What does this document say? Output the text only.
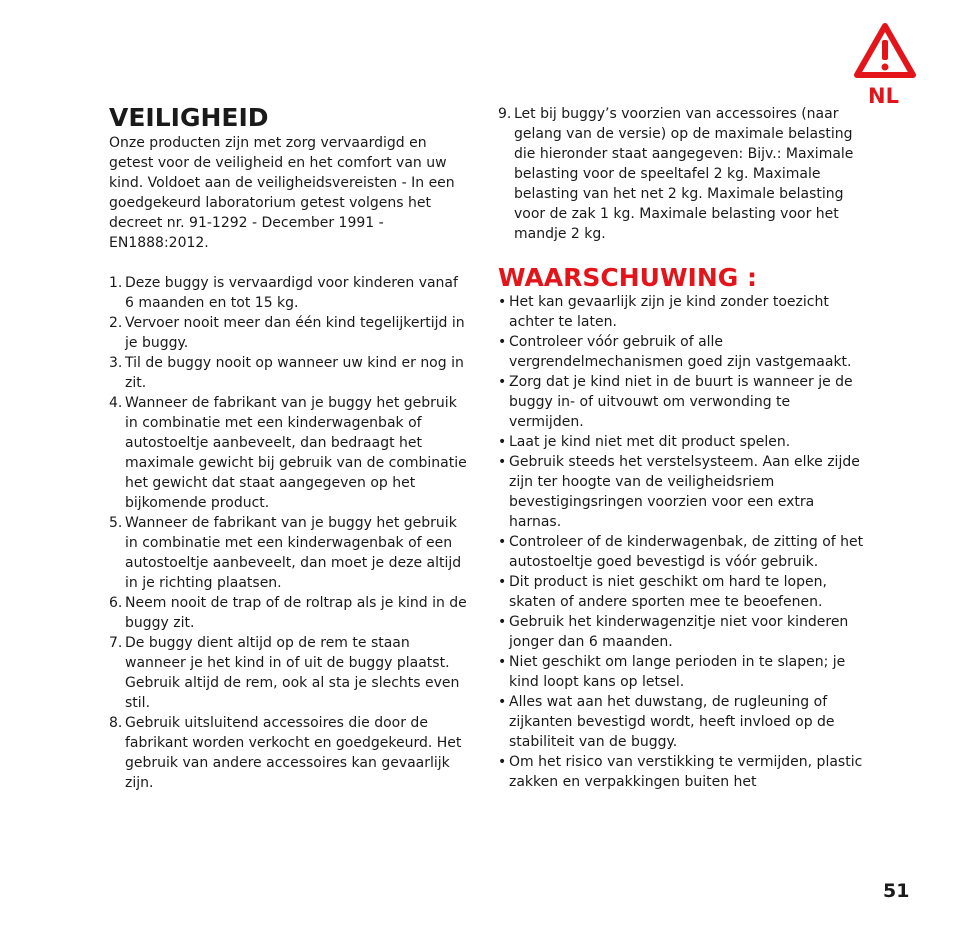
NL
VEILIGHEID

Onze producten zijn met zorg vervaardigd en getest voor de veiligheid en het comfort van uw kind. Voldoet aan de veiligheidsvereisten - In een goedgekeurd laboratorium getest volgens het decreet nr. 91-1292 - December 1991 - EN1888:2012.

1. Deze buggy is vervaardigd voor kinderen vanaf 6 maanden en tot 15 kg.
2. Vervoer nooit meer dan één kind tegelijkertijd in je buggy.
3. Til de buggy nooit op wanneer uw kind er nog in zit.
4. Wanneer de fabrikant van je buggy het gebruik in combinatie met een kinderwagenbak of autostoeltje aanbeveelt, dan bedraagt het maximale gewicht bij gebruik van de combinatie het gewicht dat staat aangegeven op het bijkomende product.
5. Wanneer de fabrikant van je buggy het gebruik in combinatie met een kinderwagenbak of een autostoeltje aanbeveelt, dan moet je deze altijd in je richting plaatsen.
6. Neem nooit de trap of de roltrap als je kind in de buggy zit.
7. De buggy dient altijd op de rem te staan wanneer je het kind in of uit de buggy plaatst. Gebruik altijd de rem, ook al sta je slechts even stil.
8. Gebruik uitsluitend accessoires die door de fabrikant worden verkocht en goedgekeurd. Het gebruik van andere accessoires kan gevaarlijk zijn.
9. Let bij buggy’s voorzien van accessoires (naar gelang van de versie) op de maximale belasting die hieronder staat aangegeven: Bijv.: Maximale belasting voor de speeltafel 2 kg. Maximale belasting van het net 2 kg. Maximale belasting voor de zak 1 kg. Maximale belasting voor het mandje 2 kg.
WAARSCHUWING :
• Het kan gevaarlijk zijn je kind zonder toezicht achter te laten.
• Controleer vóór gebruik of alle vergrendelmechanismen goed zijn vastgemaakt.
• Zorg dat je kind niet in de buurt is wanneer je de buggy in- of uitvouwt om verwonding te vermijden.
• Laat je kind niet met dit product spelen.
• Gebruik steeds het verstelsysteem. Aan elke zijde zijn ter hoogte van de veiligheidsriem bevestigingsringen voorzien voor een extra harnas.
• Controleer of de kinderwagenbak, de zitting of het autostoeltje goed bevestigd is vóór gebruik.
• Dit product is niet geschikt om hard te lopen, skaten of andere sporten mee te beoefenen.
• Gebruik het kinderwagenzitje niet voor kinderen jonger dan 6 maanden.
• Niet geschikt om lange perioden in te slapen; je kind loopt kans op letsel.
• Alles wat aan het duwstang, de rugleuning of zijkanten bevestigd wordt, heeft invloed op de stabiliteit van de buggy.
• Om het risico van verstikking te vermijden, plastic zakken en verpakkingen buiten het
51
